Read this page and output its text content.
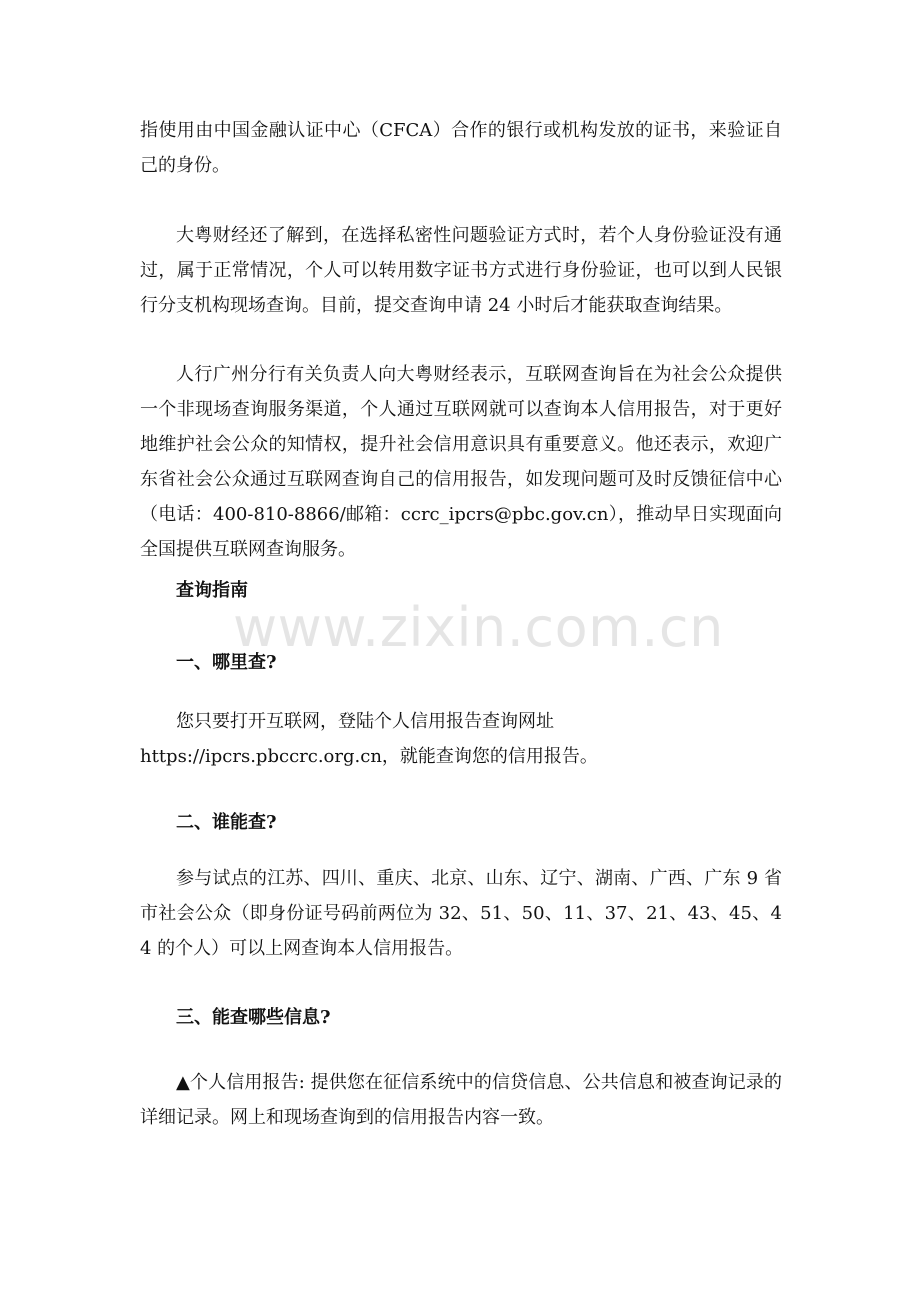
指使用由中国金融认证中心（CFCA）合作的银行或机构发放的证书，来验证自己的身份。

大粤财经还了解到，在选择私密性问题验证方式时，若个人身份验证没有通过，属于正常情况，个人可以转用数字证书方式进行身份验证，也可以到人民银行分支机构现场查询。目前，提交查询申请 24 小时后才能获取查询结果。

人行广州分行有关负责人向大粤财经表示，互联网查询旨在为社会公众提供一个非现场查询服务渠道，个人通过互联网就可以查询本人信用报告，对于更好地维护社会公众的知情权，提升社会信用意识具有重要意义。他还表示，欢迎广东省社会公众通过互联网查询自己的信用报告，如发现问题可及时反馈征信中心（电话：400-810-8866/邮箱：ccrc_ipcrs@pbc.gov.cn），推动早日实现面向全国提供互联网查询服务。

查询指南

一、哪里查?

您只要打开互联网，登陆个人信用报告查询网址
https://ipcrs.pbccrc.org.cn，就能查询您的信用报告。

二、谁能查?

参与试点的江苏、四川、重庆、北京、山东、辽宁、湖南、广西、广东 9 省市社会公众（即身份证号码前两位为 32、51、50、11、37、21、43、45、44 的个人）可以上网查询本人信用报告。

三、能查哪些信息?

▲个人信用报告: 提供您在征信系统中的信贷信息、公共信息和被查询记录的详细记录。网上和现场查询到的信用报告内容一致。

www.zixin.com.cn
